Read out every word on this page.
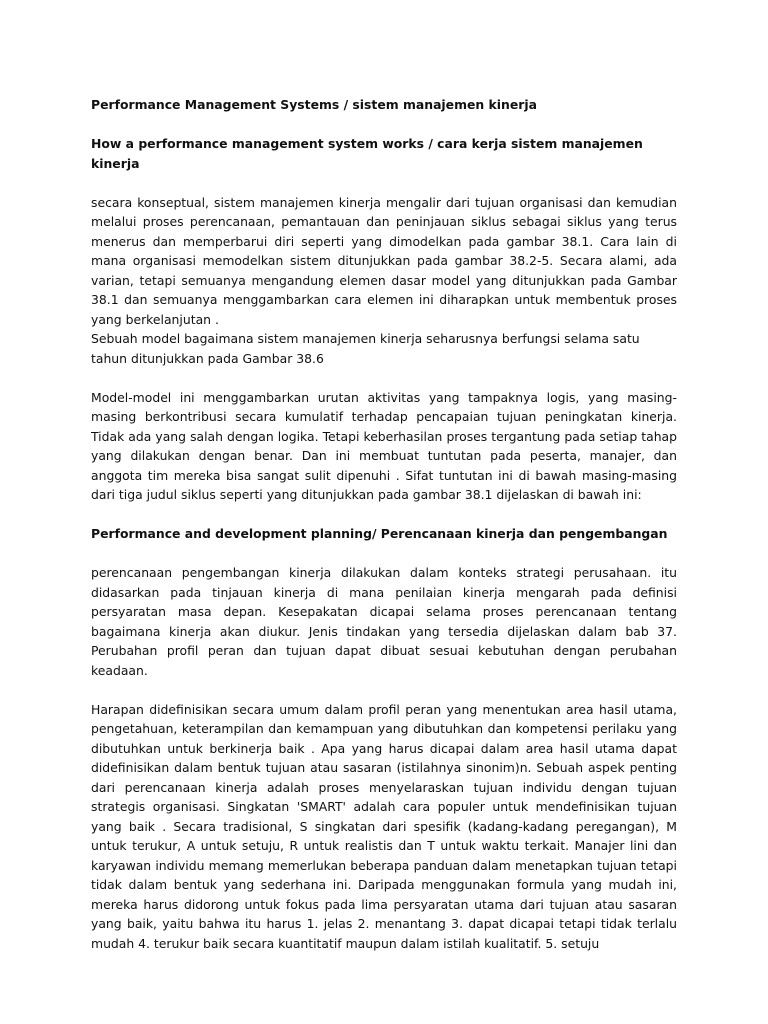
Performance Management Systems / sistem manajemen kinerja

How a performance management system works / cara kerja sistem manajemen kinerja

secara konseptual, sistem manajemen kinerja mengalir dari tujuan organisasi dan kemudian melalui proses perencanaan, pemantauan dan peninjauan siklus sebagai siklus yang terus menerus dan memperbarui diri seperti yang dimodelkan pada gambar 38.1. Cara lain di mana organisasi memodelkan sistem ditunjukkan pada gambar 38.2-5. Secara alami, ada varian, tetapi semuanya mengandung elemen dasar model yang ditunjukkan pada Gambar 38.1 dan semuanya menggambarkan cara elemen ini diharapkan untuk membentuk proses yang berkelanjutan .

Sebuah model bagaimana sistem manajemen kinerja seharusnya berfungsi selama satu tahun ditunjukkan pada Gambar 38.6

Model-model ini menggambarkan urutan aktivitas yang tampaknya logis, yang masing-masing berkontribusi secara kumulatif terhadap pencapaian tujuan peningkatan kinerja. Tidak ada yang salah dengan logika. Tetapi keberhasilan proses tergantung pada setiap tahap yang dilakukan dengan benar. Dan ini membuat tuntutan pada peserta, manajer, dan anggota tim mereka bisa sangat sulit dipenuhi . Sifat tuntutan ini di bawah masing-masing dari tiga judul siklus seperti yang ditunjukkan pada gambar 38.1 dijelaskan di bawah ini:

Performance and development planning/ Perencanaan kinerja dan pengembangan

perencanaan pengembangan kinerja dilakukan dalam konteks strategi perusahaan. itu didasarkan pada tinjauan kinerja di mana penilaian kinerja mengarah pada definisi persyaratan masa depan. Kesepakatan dicapai selama proses perencanaan tentang bagaimana kinerja akan diukur. Jenis tindakan yang tersedia dijelaskan dalam bab 37. Perubahan profil peran dan tujuan dapat dibuat sesuai kebutuhan dengan perubahan keadaan.

Harapan didefinisikan secara umum dalam profil peran yang menentukan area hasil utama, pengetahuan, keterampilan dan kemampuan yang dibutuhkan dan kompetensi perilaku yang dibutuhkan untuk berkinerja baik . Apa yang harus dicapai dalam area hasil utama dapat didefinisikan dalam bentuk tujuan atau sasaran (istilahnya sinonim)n. Sebuah aspek penting dari perencanaan kinerja adalah proses menyelaraskan tujuan individu dengan tujuan strategis organisasi. Singkatan 'SMART' adalah cara populer untuk mendefinisikan tujuan yang baik . Secara tradisional, S singkatan dari spesifik (kadang-kadang peregangan), M untuk terukur, A untuk setuju, R untuk realistis dan T untuk waktu terkait. Manajer lini dan karyawan individu memang memerlukan beberapa panduan dalam menetapkan tujuan tetapi tidak dalam bentuk yang sederhana ini. Daripada menggunakan formula yang mudah ini, mereka harus didorong untuk fokus pada lima persyaratan utama dari tujuan atau sasaran yang baik, yaitu bahwa itu harus 1. jelas 2. menantang 3. dapat dicapai tetapi tidak terlalu mudah 4. terukur baik secara kuantitatif maupun dalam istilah kualitatif. 5. setuju
